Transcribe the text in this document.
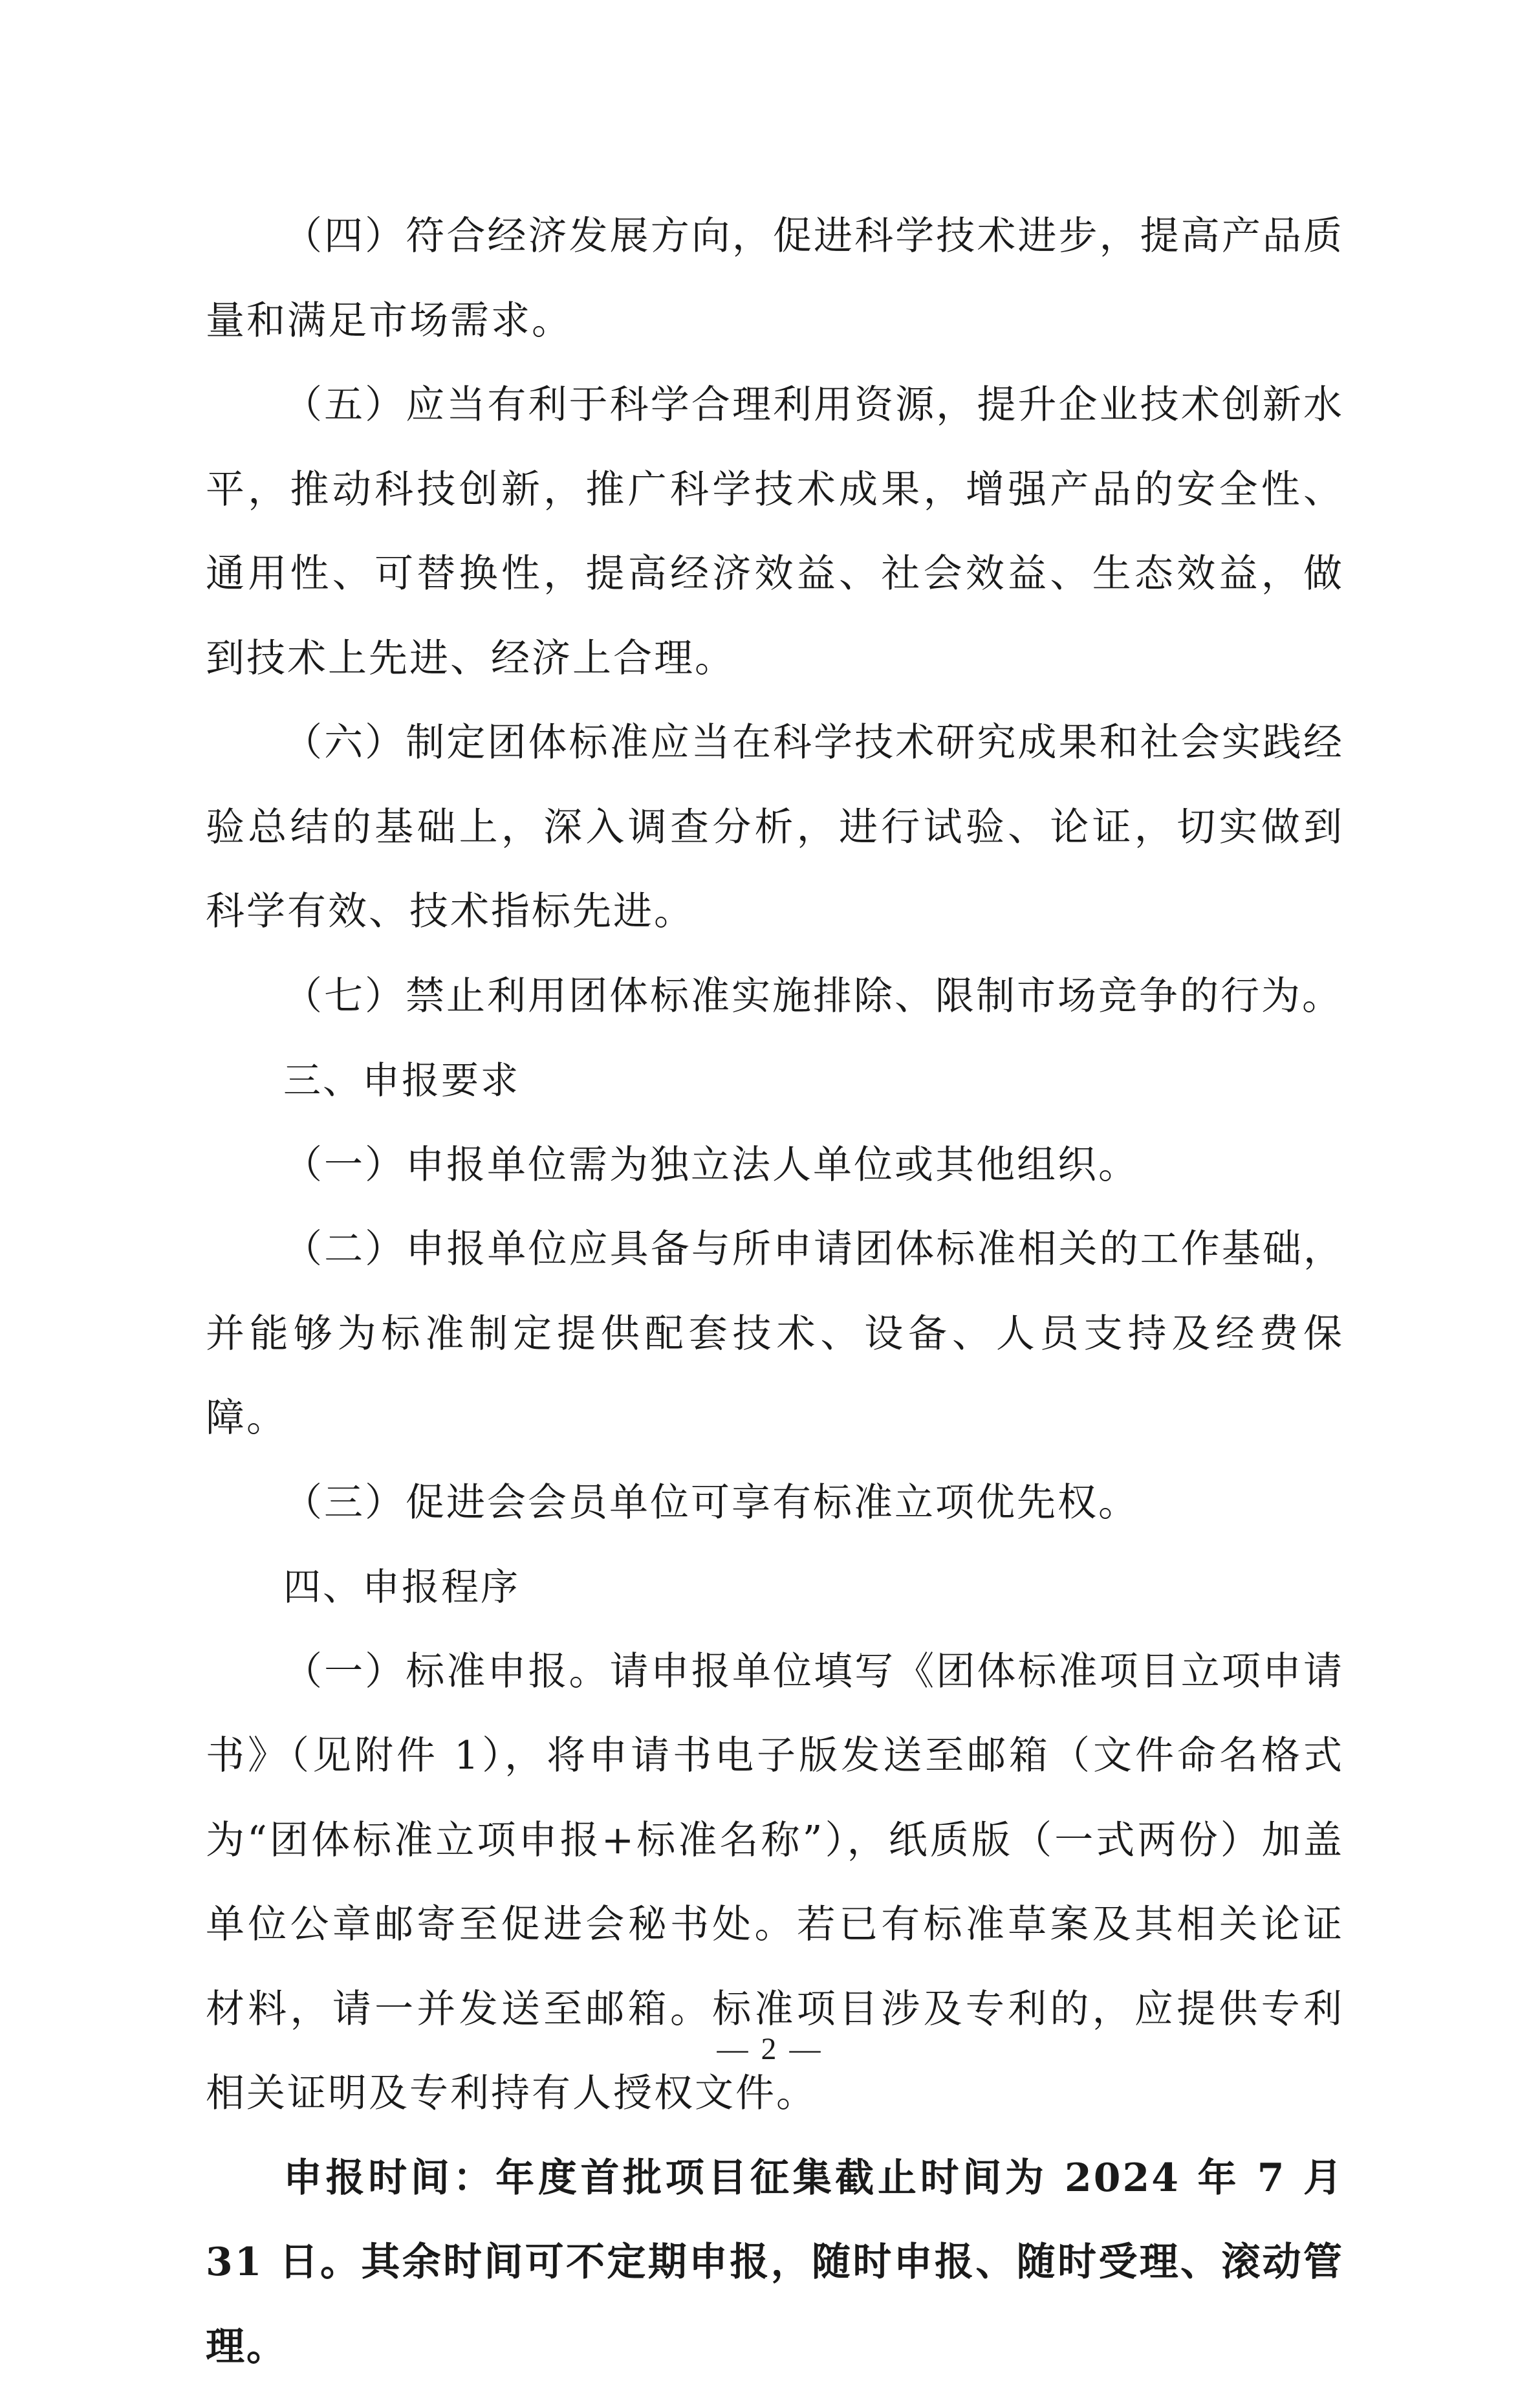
（四）符合经济发展方向，促进科学技术进步，提高产品质量和满足市场需求。

（五）应当有利于科学合理利用资源，提升企业技术创新水平，推动科技创新，推广科学技术成果，增强产品的安全性、通用性、可替换性，提高经济效益、社会效益、生态效益，做到技术上先进、经济上合理。

（六）制定团体标准应当在科学技术研究成果和社会实践经验总结的基础上，深入调查分析，进行试验、论证，切实做到科学有效、技术指标先进。

（七）禁止利用团体标准实施排除、限制市场竞争的行为。

三、申报要求

（一）申报单位需为独立法人单位或其他组织。

（二）申报单位应具备与所申请团体标准相关的工作基础，并能够为标准制定提供配套技术、设备、人员支持及经费保障。

（三）促进会会员单位可享有标准立项优先权。

四、申报程序

（一）标准申报。请申报单位填写《团体标准项目立项申请书》（见附件 1），将申请书电子版发送至邮箱（文件命名格式为“团体标准立项申报+标准名称”），纸质版（一式两份）加盖单位公章邮寄至促进会秘书处。若已有标准草案及其相关论证材料，请一并发送至邮箱。标准项目涉及专利的，应提供专利相关证明及专利持有人授权文件。

申报时间：年度首批项目征集截止时间为 2024 年 7 月 31 日。其余时间可不定期申报，随时申报、随时受理、滚动管理。

— 2 —
